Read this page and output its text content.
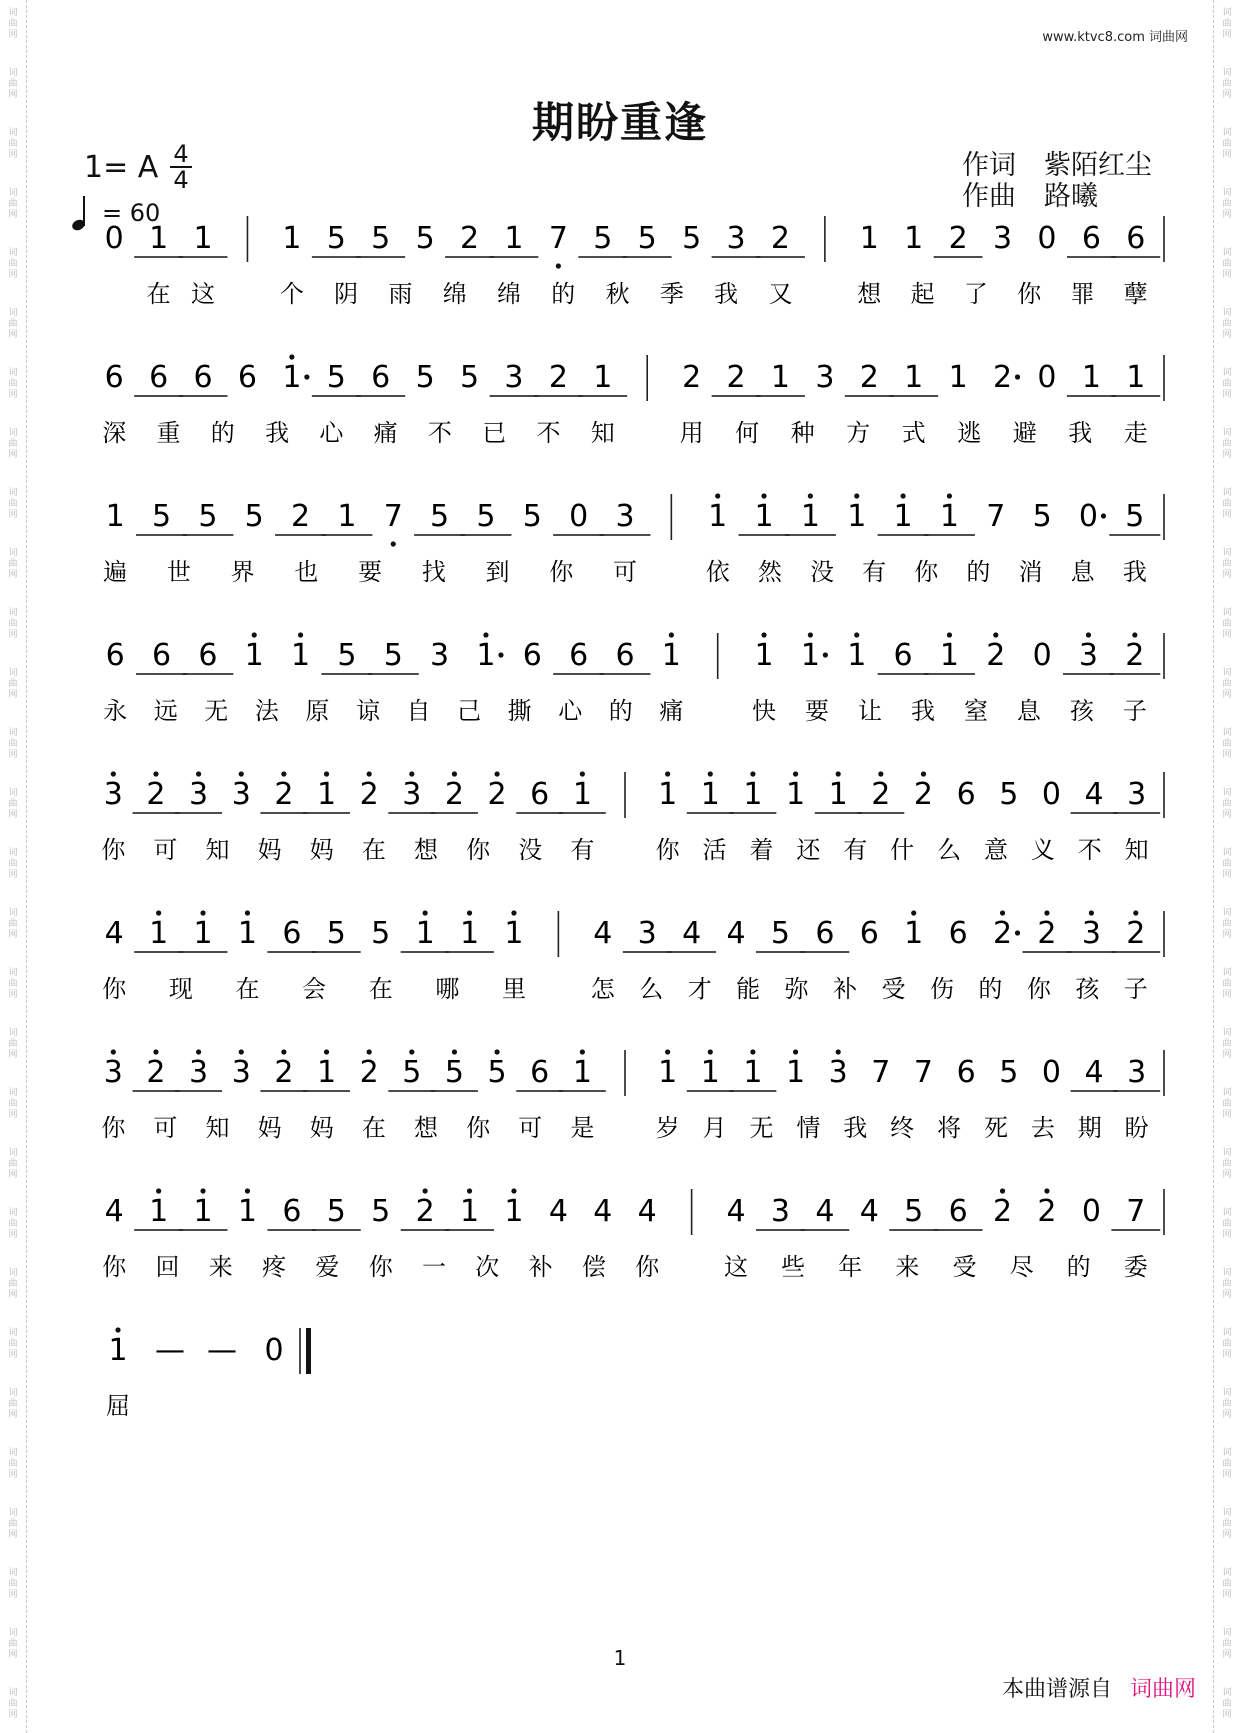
词
曲
网
词
曲
网
词
曲
网
词
曲
网
词
曲
网
词
曲
网
词
曲
网
词
曲
网
词
曲
网
词
曲
网
词
曲
网
词
曲
网
词
曲
网
词
曲
网
词
曲
网
词
曲
网
词
曲
网
词
曲
网
词
曲
网
词
曲
网
词
曲
网
词
曲
网
词
曲
网
词
曲
网
词
曲
网
词
曲
网
词
曲
网
词
曲
网
词
曲
网
词
曲
网
词
曲
网
词
曲
网
词
曲
网
词
曲
网
词
曲
网
词
曲
网
词
曲
网
词
曲
网
词
曲
网
词
曲
网
词
曲
网
词
曲
网
词
曲
网
词
曲
网
词
曲
网
词
曲
网
词
曲
网
词
曲
网
词
曲
网
词
曲
网
词
曲
网
词
曲
网
词
曲
网
词
曲
网
词
曲
网
词
曲
网
词
曲
网
词
曲
网
www.ktvc8.com 词曲网
期盼重逢
1= A 4
4
= 60
作词 紫陌红尘
作曲 路曦
0 1 1 1 5 5 5 2 1 7 5 5 5 3 2 1 1 2 3 0 6 6
在 这	个 阴 雨 绵 绵 的 秋 季 我 又	想 起 了 你 罪 孽
6 6 6 6 1 5 6 5 5 3 2 1 2 2 1 3 2 1 1 2 0 1 1
深 重 的 我 心 痛 不 已 不 知	用 何 种 方 式 逃 避 我 走
1 5 5 5 2 1 7 5 5 5 0 3 1 1 1 1 1 1 7 5 0 5
遍 世 界 也 要 找 到 你 可	依 然 没 有 你 的 消 息 我
6 6 6 1 1 5 5 3 1 6 6 6 1 1 1 1 6 1 2 0 3 2
永 远 无 法 原 谅 自 己 撕 心 的 痛	快 要 让 我 窒 息 孩 子
3 2 3 3 2 1 2 3 2 2 6 1 1 1 1 1 1 2 2 6 5 0 4 3
你 可 知 妈 妈 在 想 你 没 有	你 活 着 还 有 什 么 意 义 不 知
4 1 1 1 6 5 5 1 1 1 4 3 4 4 5 6 6 1 6 2 2 3 2
你 现 在 会 在 哪 里	怎 么 才 能 弥 补 受 伤 的 你 孩 子
3 2 3 3 2 1 2 5 5 5 6 1 1 1 1 1 3 7 7 6 5 0 4 3
你 可 知 妈 妈 在 想 你 可 是	岁 月 无 情 我 终 将 死 去 期 盼
4 1 1 1 6 5 5 2 1 1 4 4 4 4 3 4 4 5 6 2 2 0 7
你 回 来 疼 爱 你 一 次 补 偿 你	这 些 年 来 受 尽 的 委
1 — — 0
屈
1
本曲谱源自 词曲网
